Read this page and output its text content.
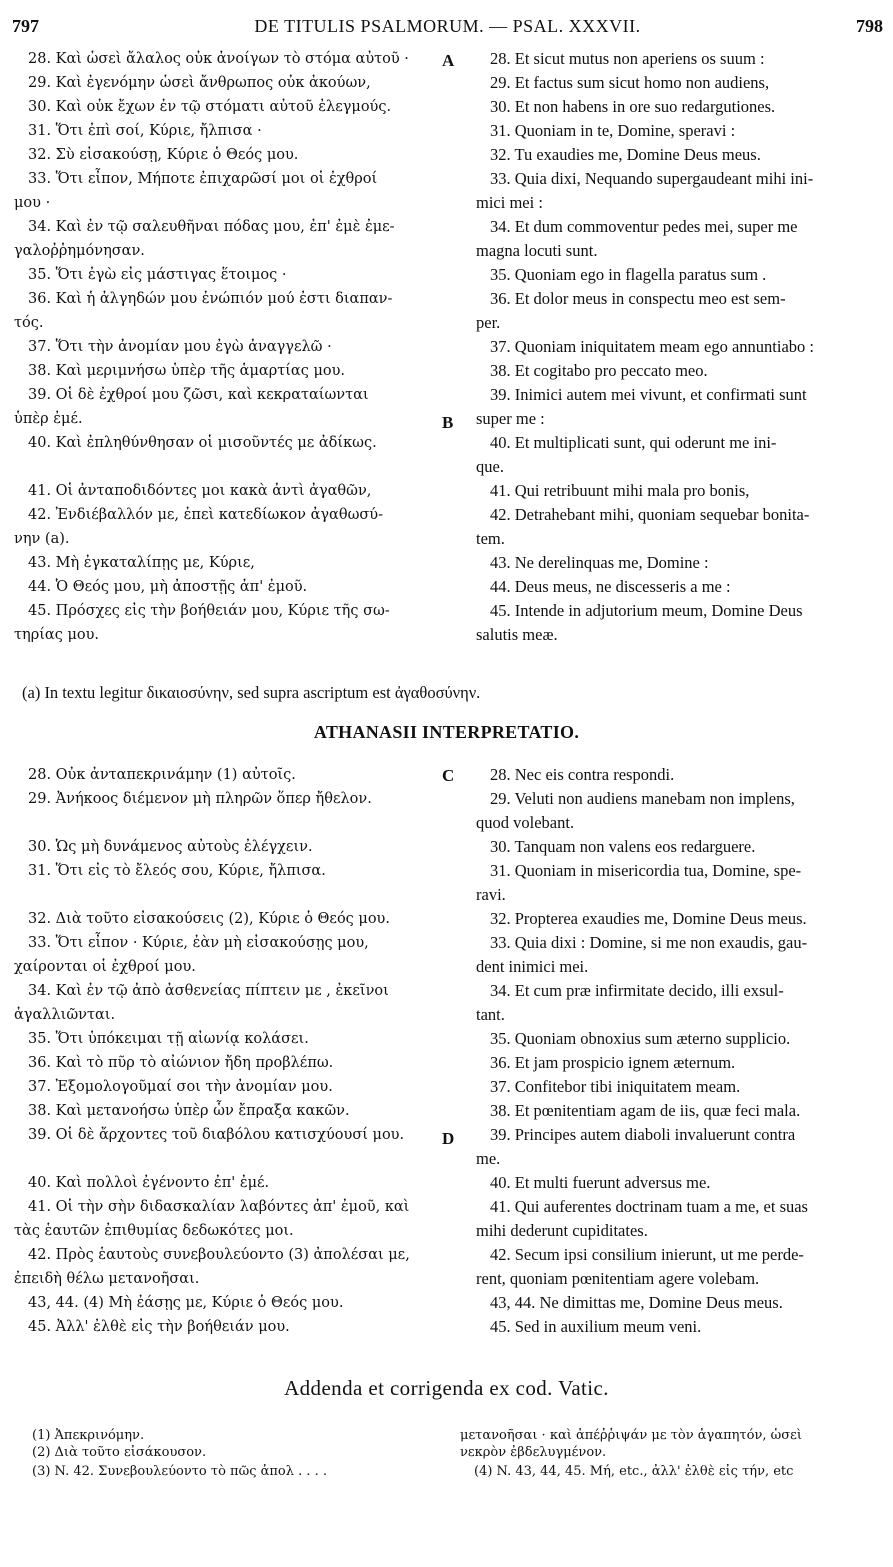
797	DE TITULIS PSALMORUM. — PSAL. XXXVII.	798
28. Καὶ ὡσεὶ ἄλαλος οὐκ ἀνοίγων τὸ στόμα αὐτοῦ ·
29. Καὶ ἐγενόμην ὡσεὶ ἄνθρωπος οὐκ ἀκούων,
30. Καὶ οὐκ ἔχων ἐν τῷ στόματι αὐτοῦ ἐλεγμούς.
31. Ὅτι ἐπὶ σοί, Κύριε, ἤλπισα ·
32. Σὺ εἰσακούσῃ, Κύριε ὁ Θεός μου.
33. Ὅτι εἶπον, Μήποτε ἐπιχαρῶσί μοι οἱ ἐχθροί
μου ·
34. Καὶ ἐν τῷ σαλευθῆναι πόδας μου, ἐπ' ἐμὲ ἐμε-
γαλοῤῥημόνησαν.
35. Ὅτι ἐγὼ εἰς μάστιγας ἕτοιμος ·
36. Καὶ ἡ ἀλγηδών μου ἐνώπιόν μού ἐστι διαπαν-
τός.
37. Ὅτι τὴν ἀνομίαν μου ἐγὼ ἀναγγελῶ ·
38. Καὶ μεριμνήσω ὑπὲρ τῆς ἁμαρτίας μου.
39. Οἱ δὲ ἐχθροί μου ζῶσι, καὶ κεκραταίωνται
ὑπὲρ ἐμέ.
40. Καὶ ἐπληθύνθησαν οἱ μισοῦντές με ἀδίκως.
41. Οἱ ἀνταποδιδόντες μοι κακὰ ἀντὶ ἀγαθῶν,
42. Ἐνδιέβαλλόν με, ἐπεὶ κατεδίωκον ἀγαθωσύ-
νην (a).
43. Μὴ ἐγκαταλίπῃς με, Κύριε,
44. Ὁ Θεός μου, μὴ ἀποστῇς ἀπ' ἐμοῦ.
45. Πρόσχες εἰς τὴν βοήθειάν μου, Κύριε τῆς σω-
τηρίας μου.
A
B
28. Et sicut mutus non aperiens os suum :
29. Et factus sum sicut homo non audiens,
30. Et non habens in ore suo redargutiones.
31. Quoniam in te, Domine, speravi :
32. Tu exaudies me, Domine Deus meus.
33. Quia dixi, Nequando supergaudeant mihi ini-
mici mei :
34. Et dum commoventur pedes mei, super me
magna locuti sunt.
35. Quoniam ego in flagella paratus sum .
36. Et dolor meus in conspectu meo est sem-
per.
37. Quoniam iniquitatem meam ego annuntiabo :
38. Et cogitabo pro peccato meo.
39. Inimici autem mei vivunt, et confirmati sunt
super me :
40. Et multiplicati sunt, qui oderunt me ini-
que.
41. Qui retribuunt mihi mala pro bonis,
42. Detrahebant mihi, quoniam sequebar bonita-
tem.
43. Ne derelinquas me, Domine :
44. Deus meus, ne discesseris a me :
45. Intende in adjutorium meum, Domine Deus
salutis meæ.
(a) In textu legitur δικαιοσύνην, sed supra ascriptum est ἀγαθοσύνην.
ATHANASII INTERPRETATIO.
28. Οὐκ ἀνταπεκρινάμην (1) αὐτοῖς.
29. Ἀνήκοος διέμενον μὴ πληρῶν ὅπερ ἤθελον.
30. Ὡς μὴ δυνάμενος αὐτοὺς ἐλέγχειν.
31. Ὅτι εἰς τὸ ἔλεός σου, Κύριε, ἤλπισα.
32. Διὰ τοῦτο εἰσακούσεις (2), Κύριε ὁ Θεός μου.
33. Ὅτι εἶπον · Κύριε, ἐὰν μὴ εἰσακούσῃς μου,
χαίρονται οἱ ἐχθροί μου.
34. Καὶ ἐν τῷ ἀπὸ ἀσθενείας πίπτειν με , ἐκεῖνοι
ἀγαλλιῶνται.
35. Ὅτι ὑπόκειμαι τῇ αἰωνίᾳ κολάσει.
36. Καὶ τὸ πῦρ τὸ αἰώνιον ἤδη προβλέπω.
37. Ἐξομολογοῦμαί σοι τὴν ἀνομίαν μου.
38. Καὶ μετανοήσω ὑπὲρ ὧν ἔπραξα κακῶν.
39. Οἱ δὲ ἄρχοντες τοῦ διαβόλου κατισχύουσί μου.
40. Καὶ πολλοὶ ἐγένοντο ἐπ' ἐμέ.
41. Οἱ τὴν σὴν διδασκαλίαν λαβόντες ἀπ' ἐμοῦ, καὶ
τὰς ἑαυτῶν ἐπιθυμίας δεδωκότες μοι.
42. Πρὸς ἑαυτοὺς συνεβουλεύοντο (3) ἀπολέσαι με,
ἐπειδὴ θέλω μετανοῆσαι.
43, 44. (4) Μὴ ἐάσῃς με, Κύριε ὁ Θεός μου.
45. Ἀλλ' ἐλθὲ εἰς τὴν βοήθειάν μου.
C
D
28. Nec eis contra respondi.
29. Veluti non audiens manebam non implens,
quod volebant.
30. Tanquam non valens eos redarguere.
31. Quoniam in misericordia tua, Domine, spe-
ravi.
32. Propterea exaudies me, Domine Deus meus.
33. Quia dixi : Domine, si me non exaudis, gau-
dent inimici mei.
34. Et cum præ infirmitate decido, illi exsul-
tant.
35. Quoniam obnoxius sum æterno supplicio.
36. Et jam prospicio ignem æternum.
37. Confitebor tibi iniquitatem meam.
38. Et pœnitentiam agam de iis, quæ feci mala.
39. Principes autem diaboli invaluerunt contra
me.
40. Et multi fuerunt adversus me.
41. Qui auferentes doctrinam tuam a me, et suas
mihi dederunt cupiditates.
42. Secum ipsi consilium inierunt, ut me perde-
rent, quoniam pœnitentiam agere volebam.
43, 44. Ne dimittas me, Domine Deus meus.
45. Sed in auxilium meum veni.
Addenda et corrigenda ex cod. Vatic.
(1) Ἀπεκρινόμην.
(2) Διὰ τοῦτο εἰσάκουσον.
(3) N. 42. Συνεβουλεύοντο τὸ πῶς ἀπολ . . . .
μετανοῆσαι · καὶ ἀπέῤῥιψάν με τὸν ἀγαπητόν, ὡσεὶ
νεκρὸν ἐβδελυγμένον.
(4) N. 43, 44, 45. Μή, etc., ἀλλ' ἐλθὲ εἰς τήν, etc
